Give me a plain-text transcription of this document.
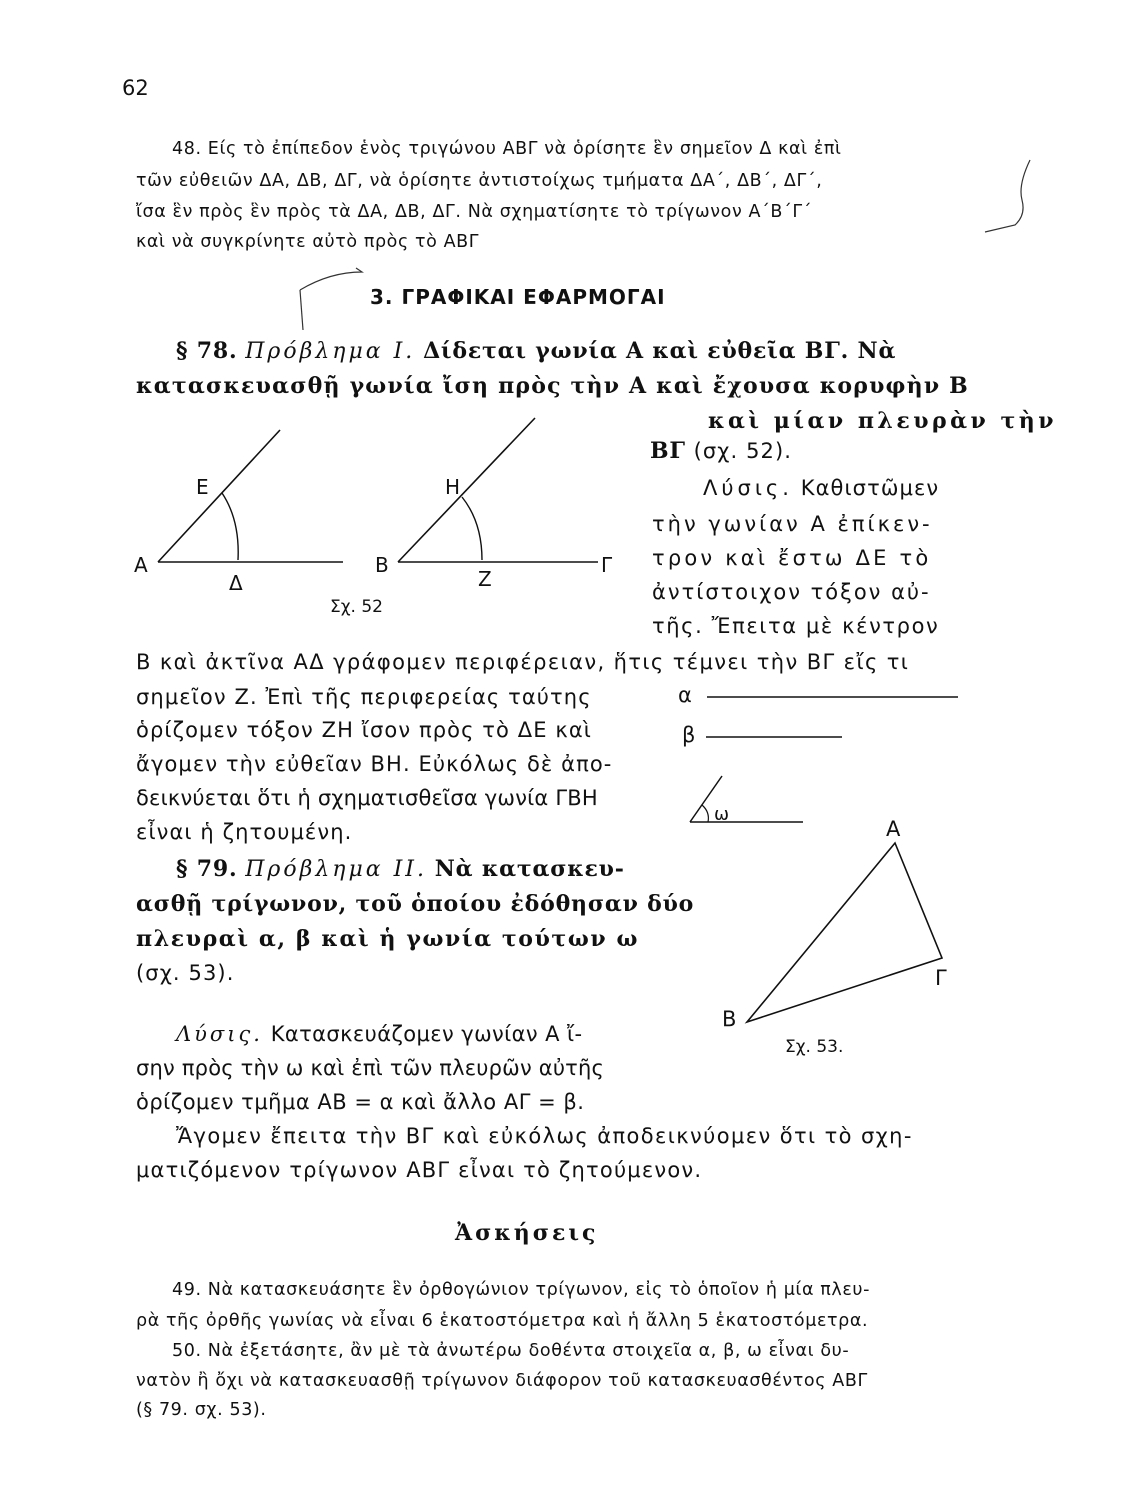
62
48. Είς τὸ ἐπίπεδον ἑνὸς τριγώνου ΑΒΓ νὰ ὁρίσητε ἓν σημεῖον Δ καὶ ἐπὶ
τῶν εὐθειῶν ΔΑ, ΔΒ, ΔΓ, νὰ ὁρίσητε ἀντιστοίχως τμήματα ΔΑ΄, ΔΒ΄, ΔΓ΄,
ἴσα ἓν πρὸς ἓν πρὸς τὰ ΔΑ, ΔΒ, ΔΓ. Νὰ σχηματίσητε τὸ τρίγωνον Α΄Β΄Γ΄
καὶ νὰ συγκρίνητε αὐτὸ πρὸς τὸ ΑΒΓ
3. ΓΡΑΦΙΚΑΙ ΕΦΑΡΜΟΓΑΙ
§ 78. Πρόβλημα I. Δίδεται γωνία Α καὶ εὐθεῖα ΒΓ. Νὰ
κατασκευασθῇ γωνία ἴση πρὸς τὴν Α καὶ ἔχουσα κορυφὴν Β
καὶ μίαν πλευρὰν τὴν
ΒΓ (σχ. 52).
Λύσις. Καθιστῶμεν
τὴν γωνίαν Α ἐπίκεν-
τρον καὶ ἔστω ΔΕ τὸ
ἀντίστοιχον τόξον αὐ-
τῆς. Ἔπειτα μὲ κέντρον
Β καὶ ἀκτῖνα ΑΔ γράφομεν περιφέρειαν, ἥτις τέμνει τὴν ΒΓ εἴς τι
σημεῖον Ζ. Ἐπὶ τῆς περιφερείας ταύτης
ὁρίζομεν τόξον ΖΗ ἴσον πρὸς τὸ ΔΕ καὶ
ἄγομεν τὴν εὐθεῖαν ΒΗ. Εὐκόλως δὲ ἀπο-
δεικνύεται ὅτι ἡ σχηματισθεῖσα γωνία ΓΒΗ
εἶναι ἡ ζητουμένη.
§ 79. Πρόβλημα II. Νὰ κατασκευ-
ασθῇ τρίγωνον, τοῦ ὁποίου ἐδόθησαν δύο
πλευραὶ α, β καὶ ἡ γωνία τούτων ω
(σχ. 53).
Λύσις. Κατασκευάζομεν γωνίαν Α ἴ-
σην πρὸς τὴν ω καὶ ἐπὶ τῶν πλευρῶν αὐτῆς
ὁρίζομεν τμῆμα ΑΒ = α καὶ ἄλλο ΑΓ = β.
Ἄγομεν ἔπειτα τὴν ΒΓ καὶ εὐκόλως ἀποδεικνύομεν ὅτι τὸ σχη-
ματιζόμενον τρίγωνον ΑΒΓ εἶναι τὸ ζητούμενον.
Ἀσκήσεις
49. Νὰ κατασκευάσητε ἓν ὀρθογώνιον τρίγωνον, εἰς τὸ ὁποῖον ἡ μία πλευ-
ρὰ τῆς ὀρθῆς γωνίας νὰ εἶναι 6 ἑκατοστόμετρα καὶ ἡ ἄλλη 5 ἑκατοστόμετρα.
50. Νὰ ἐξετάσητε, ἂν μὲ τὰ ἀνωτέρω δοθέντα στοιχεῖα α, β, ω εἶναι δυ-
νατὸν ἢ ὄχι νὰ κατασκευασθῇ τρίγωνον διάφορον τοῦ κατασκευασθέντος ΑΒΓ
(§ 79. σχ. 53).
Α
Ε
Δ
Β
Η
Ζ
Γ
Σχ. 52
α
β
ω
Α
Γ
Β
Σχ. 53.
